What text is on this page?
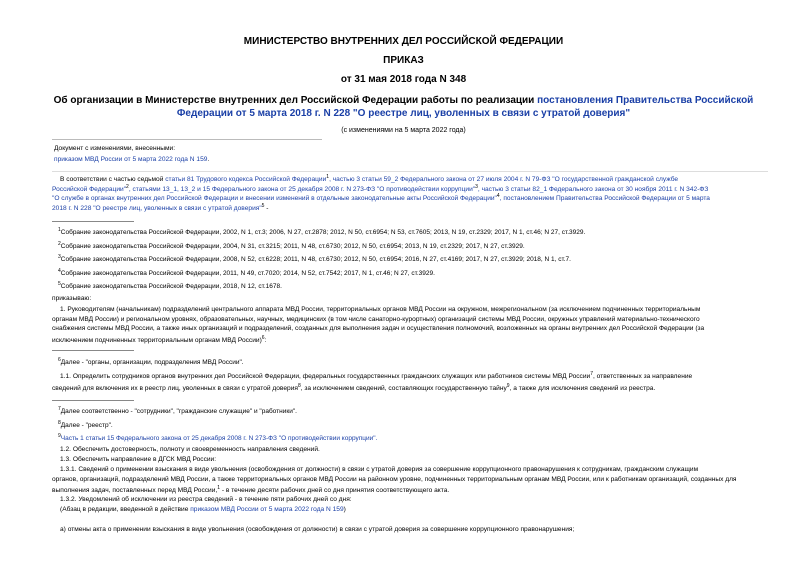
МИНИСТЕРСТВО ВНУТРЕННИХ ДЕЛ РОССИЙСКОЙ ФЕДЕРАЦИИ
ПРИКАЗ
от 31 мая 2018 года N 348
Об организации в Министерстве внутренних дел Российской Федерации работы по реализации постановления Правительства Российской Федерации от 5 марта 2018 г. N 228 "О реестре лиц, уволенных в связи с утратой доверия"
(с изменениями на 5 марта 2022 года)
Документ с изменениями, внесенными:
приказом МВД России от 5 марта 2022 года N 159.
В соответствии с частью седьмой статьи 81 Трудового кодекса Российской Федерации$^1$, частью 3 статьи 59_2 Федерального закона от 27 июля 2004 г. N 79-ФЗ "О государственной гражданской службе
Российской Федерации"$^2$, статьями 13_1, 13_2 и 15 Федерального закона от 25 декабря 2008 г. N 273-ФЗ "О противодействии коррупции"$^3$, частью 3 статьи 82_1 Федерального закона от 30 ноября 2011 г. N 342-ФЗ
"О службе в органах внутренних дел Российской Федерации и внесении изменений в отдельные законодательные акты Российской Федерации"$^4$, постановлением Правительства Российской Федерации от 5 марта
2018 г. N 228 "О реестре лиц, уволенных в связи с утратой доверия"$^5$ -
$^1$Собрание законодательства Российской Федерации, 2002, N 1, ст.3; 2006, N 27, ст.2878; 2012, N 50, ст.6954; N 53, ст.7605; 2013, N 19, ст.2329; 2017, N 1, ст.46; N 27, ст.3929.
$^2$Собрание законодательства Российской Федерации, 2004, N 31, ст.3215; 2011, N 48, ст.6730; 2012, N 50, ст.6954; 2013, N 19, ст.2329; 2017, N 27, ст.3929.
$^3$Собрание законодательства Российской Федерации, 2008, N 52, ст.6228; 2011, N 48, ст.6730; 2012, N 50, ст.6954; 2016, N 27, ст.4169; 2017, N 27, ст.3929; 2018, N 1, ст.7.
$^4$Собрание законодательства Российской Федерации, 2011, N 49, ст.7020; 2014, N 52, ст.7542; 2017, N 1, ст.46; N 27, ст.3929.
$^5$Собрание законодательства Российской Федерации, 2018, N 12, ст.1678.
приказываю:
1. Руководителям (начальникам) подразделений центрального аппарата МВД России, территориальных органов МВД России на окружном, межрегиональном (за исключением подчиненных территориальным
органам МВД России) и региональном уровнях, образовательных, научных, медицинских (в том числе санаторно-курортных) организаций системы МВД России, окружных управлений материально-технического
снабжения системы МВД России, а также иных организаций и подразделений, созданных для выполнения задач и осуществления полномочий, возложенных на органы внутренних дел Российской Федерации (за
исключением подчиненных территориальным органам МВД России)$^6$:
$^6$Далее - "органы, организации, подразделения МВД России".
1.1. Определить сотрудников органов внутренних дел Российской Федерации, федеральных государственных гражданских служащих или работников системы МВД России$^7$, ответственных за направление
сведений для включения их в реестр лиц, уволенных в связи с утратой доверия$^8$, за исключением сведений, составляющих государственную тайну$^9$, а также для исключения сведений из реестра.
$^7$Далее соответственно - "сотрудники", "гражданские служащие" и "работники".
$^8$Далее - "реестр".
$^9$Часть 1 статьи 15 Федерального закона от 25 декабря 2008 г. N 273-ФЗ "О противодействии коррупции".
1.2. Обеспечить достоверность, полноту и своевременность направления сведений.
1.3. Обеспечить направление в ДГСК МВД России:
1.3.1. Сведений о применении взыскания в виде увольнения (освобождения от должности) в связи с утратой доверия за совершение коррупционного правонарушения к сотрудникам, гражданским служащим
органов, организаций, подразделений МВД России, а также территориальных органов МВД России на районном уровне, подчиненных территориальным органам МВД России, или к работникам организаций, созданных для
выполнения задач, поставленных перед МВД России,$^1$ - в течение десяти рабочих дней со дня принятия соответствующего акта.
1.3.2. Уведомлений об исключении из реестра сведений - в течение пяти рабочих дней со дня:
(Абзац в редакции, введенной в действие приказом МВД России от 5 марта 2022 года N 159)
а) отмены акта о применении взыскания в виде увольнения (освобождения от должности) в связи с утратой доверия за совершение коррупционного правонарушения;
